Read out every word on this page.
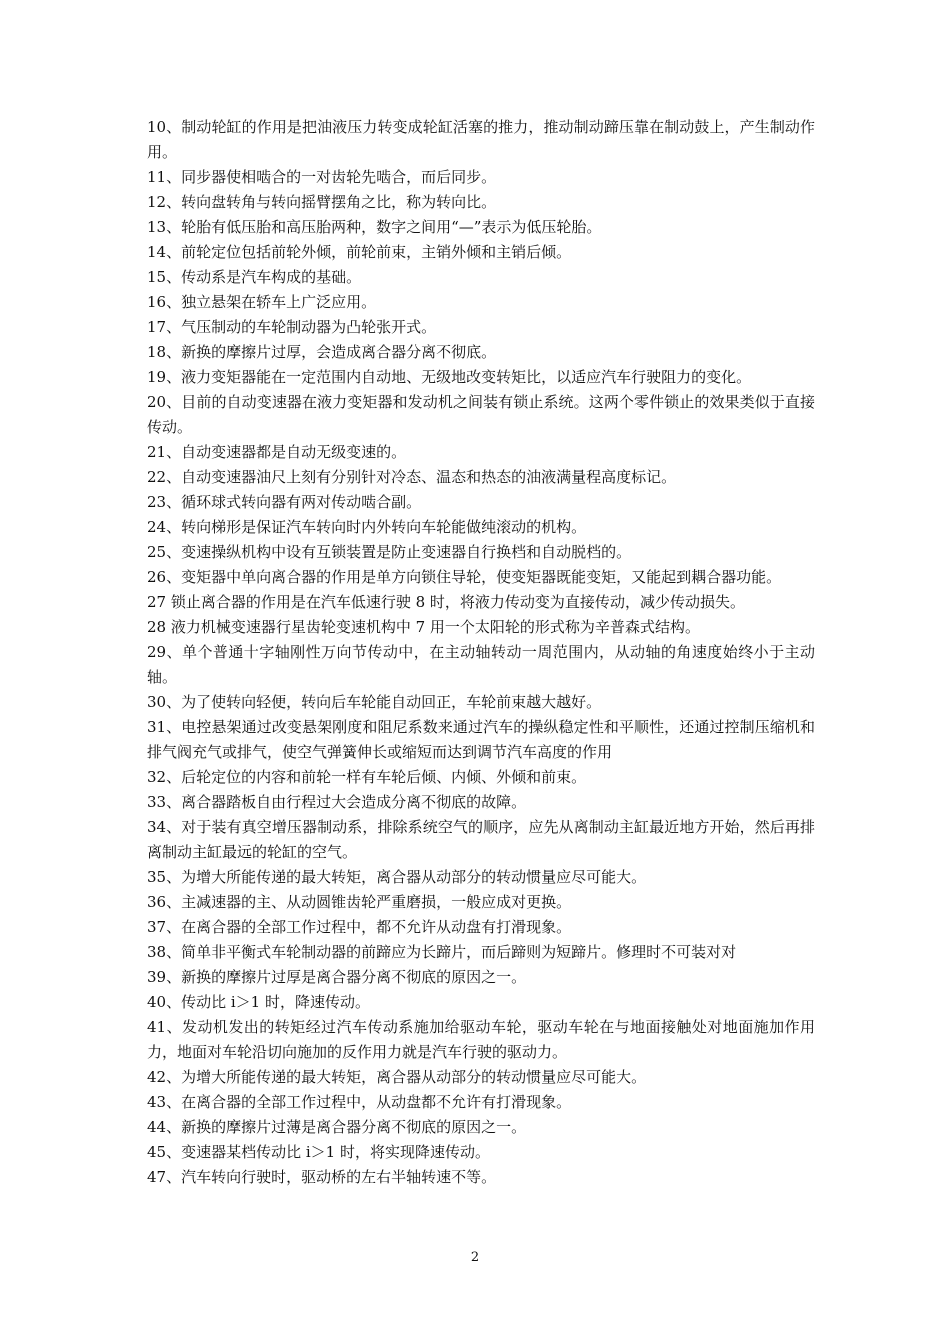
10、制动轮缸的作用是把油液压力转变成轮缸活塞的推力，推动制动蹄压靠在制动鼓上，产生制动作用。

11、同步器使相啮合的一对齿轮先啮合，而后同步。

12、转向盘转角与转向摇臂摆角之比，称为转向比。

13、轮胎有低压胎和高压胎两种，数字之间用“—”表示为低压轮胎。

14、前轮定位包括前轮外倾，前轮前束，主销外倾和主销后倾。

15、传动系是汽车构成的基础。

16、独立悬架在轿车上广泛应用。

17、气压制动的车轮制动器为凸轮张开式。

18、新换的摩擦片过厚，会造成离合器分离不彻底。

19、液力变矩器能在一定范围内自动地、无级地改变转矩比，以适应汽车行驶阻力的变化。

20、目前的自动变速器在液力变矩器和发动机之间装有锁止系统。这两个零件锁止的效果类似于直接传动。

21、自动变速器都是自动无级变速的。

22、自动变速器油尺上刻有分别针对冷态、温态和热态的油液满量程高度标记。

23、循环球式转向器有两对传动啮合副。

24、转向梯形是保证汽车转向时内外转向车轮能做纯滚动的机构。

25、变速操纵机构中设有互锁装置是防止变速器自行换档和自动脱档的。

26、变矩器中单向离合器的作用是单方向锁住导轮，使变矩器既能变矩，又能起到耦合器功能。

27 锁止离合器的作用是在汽车低速行驶 8 时，将液力传动变为直接传动，减少传动损失。

28 液力机械变速器行星齿轮变速机构中 7 用一个太阳轮的形式称为辛普森式结构。

29、单个普通十字轴刚性万向节传动中，在主动轴转动一周范围内，从动轴的角速度始终小于主动轴。

30、为了使转向轻便，转向后车轮能自动回正，车轮前束越大越好。

31、电控悬架通过改变悬架刚度和阻尼系数来通过汽车的操纵稳定性和平顺性，还通过控制压缩机和排气阀充气或排气，使空气弹簧伸长或缩短而达到调节汽车高度的作用

32、后轮定位的内容和前轮一样有车轮后倾、内倾、外倾和前束。

33、离合器踏板自由行程过大会造成分离不彻底的故障。

34、对于装有真空增压器制动系，排除系统空气的顺序，应先从离制动主缸最近地方开始，然后再排离制动主缸最远的轮缸的空气。

35、为增大所能传递的最大转矩，离合器从动部分的转动惯量应尽可能大。

36、主减速器的主、从动圆锥齿轮严重磨损，一般应成对更换。

37、在离合器的全部工作过程中，都不允许从动盘有打滑现象。

38、简单非平衡式车轮制动器的前蹄应为长蹄片，而后蹄则为短蹄片。修理时不可装对对

39、新换的摩擦片过厚是离合器分离不彻底的原因之一。

40、传动比 i＞1 时，降速传动。

41、发动机发出的转矩经过汽车传动系施加给驱动车轮，驱动车轮在与地面接触处对地面施加作用力，地面对车轮沿切向施加的反作用力就是汽车行驶的驱动力。

42、为增大所能传递的最大转矩，离合器从动部分的转动惯量应尽可能大。

43、在离合器的全部工作过程中，从动盘都不允许有打滑现象。

44、新换的摩擦片过薄是离合器分离不彻底的原因之一。

45、变速器某档传动比 i＞1 时，将实现降速传动。

47、汽车转向行驶时，驱动桥的左右半轴转速不等。

2
